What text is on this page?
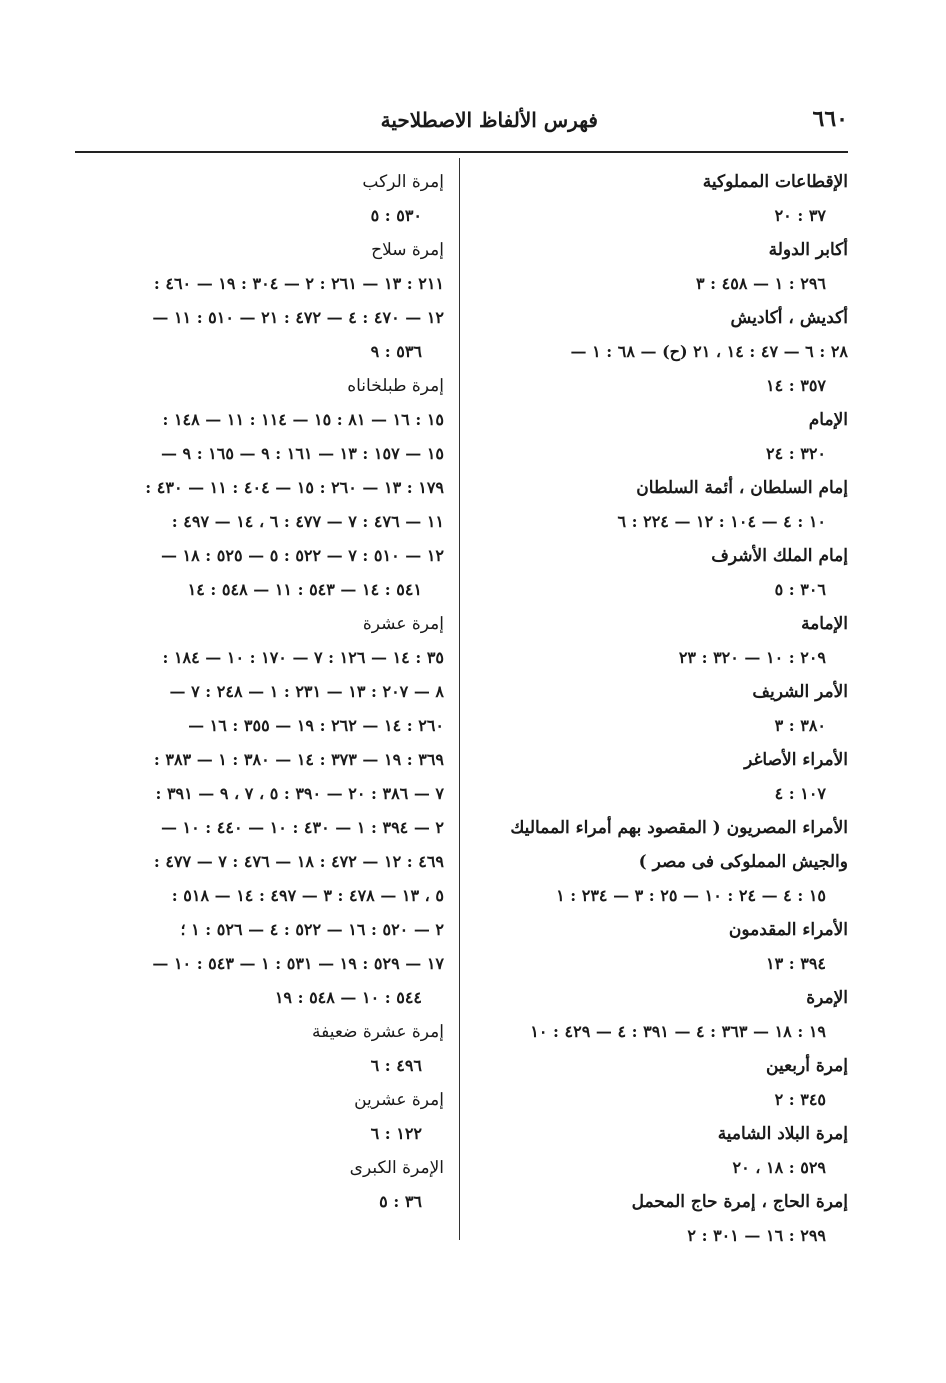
٦٦٠
فهرس الألفاظ الاصطلاحية
الإقطاعات المملوكية
٣٧ : ٢٠
أكابر الدولة
٢٩٦ : ١ — ٤٥٨ : ٣
أكديش ، أكاديش
٢٨ : ٦ — ٤٧ : ١٤ ، ٢١ (ح) — ٦٨ : ١ —
٣٥٧ : ١٤
الإمام
٣٢٠ : ٢٤
إمام السلطان ، أئمة السلطان
١٠ : ٤ — ١٠٤ : ١٢ — ٢٢٤ : ٦
إمام الملك الأشرف
٣٠٦ : ٥
الإمامة
٢٠٩ : ١٠ — ٣٢٠ : ٢٣
الأمر الشريف
٣٨٠ : ٣
الأمراء الأصاغر
١٠٧ : ٤
الأمراء المصريون ( المقصود بهم أمراء المماليك والجيش المملوكى فى مصر )
١٥ : ٤ — ٢٤ : ١٠ — ٢٥ : ٣ — ٢٣٤ : ١
الأمراء المقدمون
٣٩٤ : ١٣
الإمرة
١٩ : ١٨ — ٣٦٣ : ٤ — ٣٩١ : ٤ — ٤٢٩ : ١٠
إمرة أربعين
٣٤٥ : ٢
إمرة البلاد الشامية
٥٢٩ : ١٨ ، ٢٠
إمرة الحاج ، إمرة حاج المحمل
٢٩٩ : ١٦ — ٣٠١ : ٢
إمرة الركب
٥٣٠ : ٥
إمرة سلاح
٢١١ : ١٣ — ٢٦١ : ٢ — ٣٠٤ : ١٩ — ٤٦٠ :
١٢ — ٤٧٠ : ٤ — ٤٧٢ : ٢١ — ٥١٠ : ١١ —
٥٣٦ : ٩
إمرة طبلخاناه
١٥ : ١٦ — ٨١ : ١٥ — ١١٤ : ١١ — ١٤٨ :
١٥ — ١٥٧ : ١٣ — ١٦١ : ٩ — ١٦٥ : ٩ —
١٧٩ : ١٣ — ٢٦٠ : ١٥ — ٤٠٤ : ١١ — ٤٣٠ :
١١ — ٤٧٦ : ٧ — ٤٧٧ : ٦ ، ١٤ — ٤٩٧ :
١٢ — ٥١٠ : ٧ — ٥٢٢ : ٥ — ٥٢٥ : ١٨ —
٥٤١ : ١٤ — ٥٤٣ : ١١ — ٥٤٨ : ١٤
إمرة عشرة
٣٥ : ١٤ — ١٢٦ : ٧ — ١٧٠ : ١٠ — ١٨٤ :
٨ — ٢٠٧ : ١٣ — ٢٣١ : ١ — ٢٤٨ : ٧ —
٢٦٠ : ١٤ — ٢٦٢ : ١٩ — ٣٥٥ : ١٦ —
٣٦٩ : ١٩ — ٣٧٣ : ١٤ — ٣٨٠ : ١ — ٣٨٣ :
٧ — ٣٨٦ : ٢٠ — ٣٩٠ : ٥ ، ٧ ، ٩ — ٣٩١ :
٢ — ٣٩٤ : ١ — ٤٣٠ : ١٠ — ٤٤٠ : ١٠ —
٤٦٩ : ١٢ — ٤٧٢ : ١٨ — ٤٧٦ : ٧ — ٤٧٧ :
٥ ، ١٣ — ٤٧٨ : ٣ — ٤٩٧ : ١٤ — ٥١٨ :
٢ — ٥٢٠ : ١٦ — ٥٢٢ : ٤ — ٥٢٦ : ١ ؛
١٧ — ٥٢٩ : ١٩ — ٥٣١ : ١ — ٥٤٣ : ١٠ —
٥٤٤ : ١٠ — ٥٤٨ : ١٩
إمرة عشرة ضعيفة
٤٩٦ : ٦
إمرة عشرين
١٢٢ : ٦
الإمرة الكبرى
٣٦ : ٥
